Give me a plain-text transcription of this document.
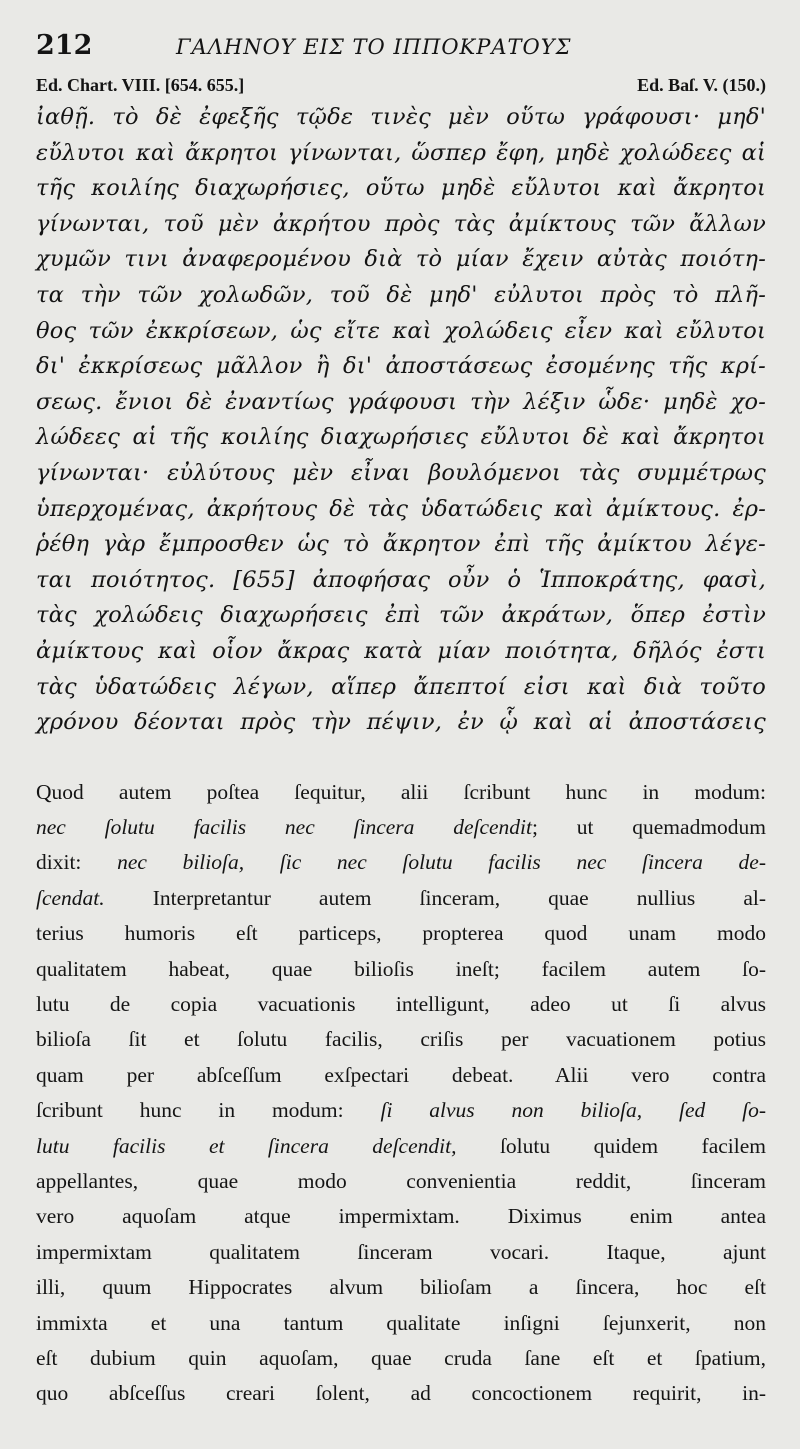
212	ΓΑΛΗΝΟΥ ΕΙΣ ΤΟ ΙΠΠΟΚΡΑΤΟΥΣ
Ed. Chart. VIII. [654. 655.]	Ed. Baſ. V. (150.)
ἰαθῇ. τὸ δὲ ἐφεξῆς τῷδε τινὲς μὲν οὕτω γράφουσι· μηδ'
εὔλυτοι καὶ ἄκρητοι γίνωνται, ὥσπερ ἔφη, μηδὲ χολώδεες αἱ
τῆς κοιλίης διαχωρήσιες, οὕτω μηδὲ εὔλυτοι καὶ ἄκρητοι
γίνωνται, τοῦ μὲν ἀκρήτου πρὸς τὰς ἀμίκτους τῶν ἄλλων
χυμῶν τινι ἀναφερομένου διὰ τὸ μίαν ἔχειν αὐτὰς ποιότη-
τα τὴν τῶν χολωδῶν, τοῦ δὲ μηδ' εὐλυτοι πρὸς τὸ πλῆ-
θος τῶν ἐκκρίσεων, ὡς εἴτε καὶ χολώδεις εἶεν καὶ εὔλυτοι
δι' ἐκκρίσεως μᾶλλον ἢ δι' ἀποστάσεως ἐσομένης τῆς κρί-
σεως. ἔνιοι δὲ ἐναντίως γράφουσι τὴν λέξιν ὧδε· μηδὲ χο-
λώδεες αἱ τῆς κοιλίης διαχωρήσιες εὔλυτοι δὲ καὶ ἄκρητοι
γίνωνται· εὐλύτους μὲν εἶναι βουλόμενοι τὰς συμμέτρως
ὑπερχομένας, ἀκρήτους δὲ τὰς ὑδατώδεις καὶ ἀμίκτους. ἐρ-
ῥέθη γὰρ ἔμπροσθεν ὡς τὸ ἄκρητον ἐπὶ τῆς ἀμίκτου λέγε-
ται ποιότητος. [655] ἀποφήσας οὖν ὁ Ἱπποκράτης, φασὶ,
τὰς χολώδεις διαχωρήσεις ἐπὶ τῶν ἀκράτων, ὅπερ ἐστὶν
ἀμίκτους καὶ οἷον ἄκρας κατὰ μίαν ποιότητα, δῆλός ἐστι
τὰς ὑδατώδεις λέγων, αἵπερ ἄπεπτοί εἰσι καὶ διὰ τοῦτο
χρόνου δέονται πρὸς τὴν πέψιν, ἐν ᾧ καὶ αἱ ἀποστάσεις
Quod autem poſtea ſequitur, alii ſcribunt hunc in modum:
nec ſolutu facilis nec ſincera deſcendit; ut quemadmodum
dixit: nec bilioſa, ſic nec ſolutu facilis nec ſincera de-
ſcendat. Interpretantur autem ſinceram, quae nullius al-
terius humoris eſt particeps, propterea quod unam modo
qualitatem habeat, quae bilioſis ineſt; facilem autem ſo-
lutu de copia vacuationis intelligunt, adeo ut ſi alvus
bilioſa ſit et ſolutu facilis, criſis per vacuationem potius
quam per abſceſſum exſpectari debeat. Alii vero contra
ſcribunt hunc in modum: ſi alvus non bilioſa, ſed ſo-
lutu facilis et ſincera deſcendit, ſolutu quidem facilem
appellantes, quae modo convenientia reddit, ſinceram
vero aquoſam atque impermixtam. Diximus enim antea
impermixtam qualitatem ſinceram vocari. Itaque, ajunt
illi, quum Hippocrates alvum bilioſam a ſincera, hoc eſt
immixta et una tantum qualitate inſigni ſejunxerit, non
eſt dubium quin aquoſam, quae cruda ſane eſt et ſpatium,
quo abſceſſus creari ſolent, ad concoctionem requirit, in-
